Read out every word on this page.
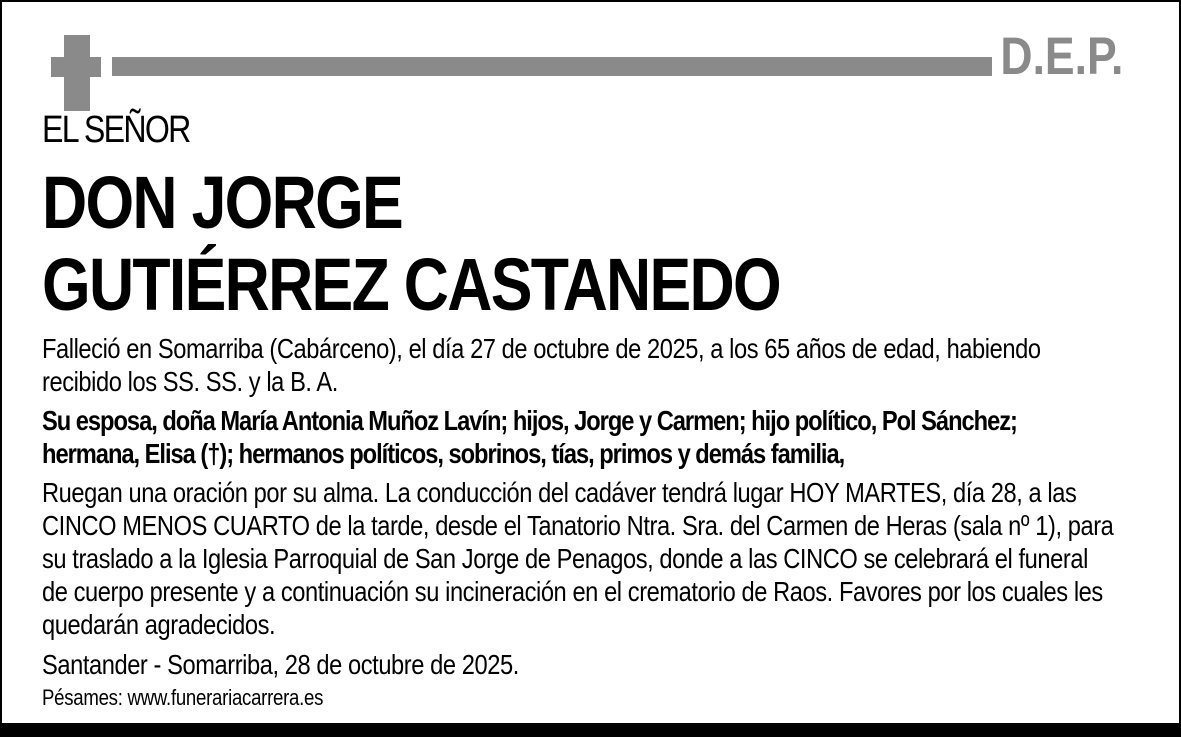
D.E.P.
EL SEÑOR
DON JORGE
GUTIÉRREZ CASTANEDO

Falleció en Somarriba (Cabárceno), el día 27 de octubre de 2025, a los 65 años de edad, habiendo recibido los SS. SS. y la B. A.

Su esposa, doña María Antonia Muñoz Lavín; hijos, Jorge y Carmen; hijo político, Pol Sánchez; hermana, Elisa (†); hermanos políticos, sobrinos, tías, primos y demás familia,

Ruegan una oración por su alma. La conducción del cadáver tendrá lugar HOY MARTES, día 28, a las CINCO MENOS CUARTO de la tarde, desde el Tanatorio Ntra. Sra. del Carmen de Heras (sala nº 1), para su traslado a la Iglesia Parroquial de San Jorge de Penagos, donde a las CINCO se celebrará el funeral de cuerpo presente y a continuación su incineración en el crematorio de Raos. Favores por los cuales les quedarán agradecidos.

Santander - Somarriba, 28 de octubre de 2025.

Pésames: www.funerariacarrera.es
